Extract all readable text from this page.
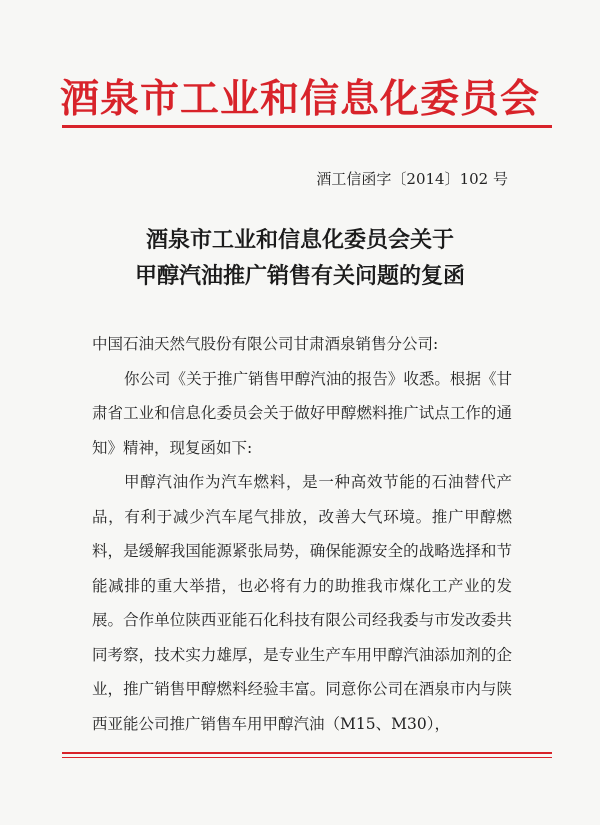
酒泉市工业和信息化委员会
酒工信函字〔2014〕102 号
酒泉市工业和信息化委员会关于
甲醇汽油推广销售有关问题的复函

中国石油天然气股份有限公司甘肃酒泉销售分公司:

你公司《关于推广销售甲醇汽油的报告》收悉。根据《甘肃省工业和信息化委员会关于做好甲醇燃料推广试点工作的通知》精神，现复函如下:

甲醇汽油作为汽车燃料，是一种高效节能的石油替代产品，有利于减少汽车尾气排放，改善大气环境。推广甲醇燃料，是缓解我国能源紧张局势，确保能源安全的战略选择和节能减排的重大举措，也必将有力的助推我市煤化工产业的发展。合作单位陕西亚能石化科技有限公司经我委与市发改委共同考察，技术实力雄厚，是专业生产车用甲醇汽油添加剂的企业，推广销售甲醇燃料经验丰富。同意你公司在酒泉市内与陕西亚能公司推广销售车用甲醇汽油（M15、M30），
